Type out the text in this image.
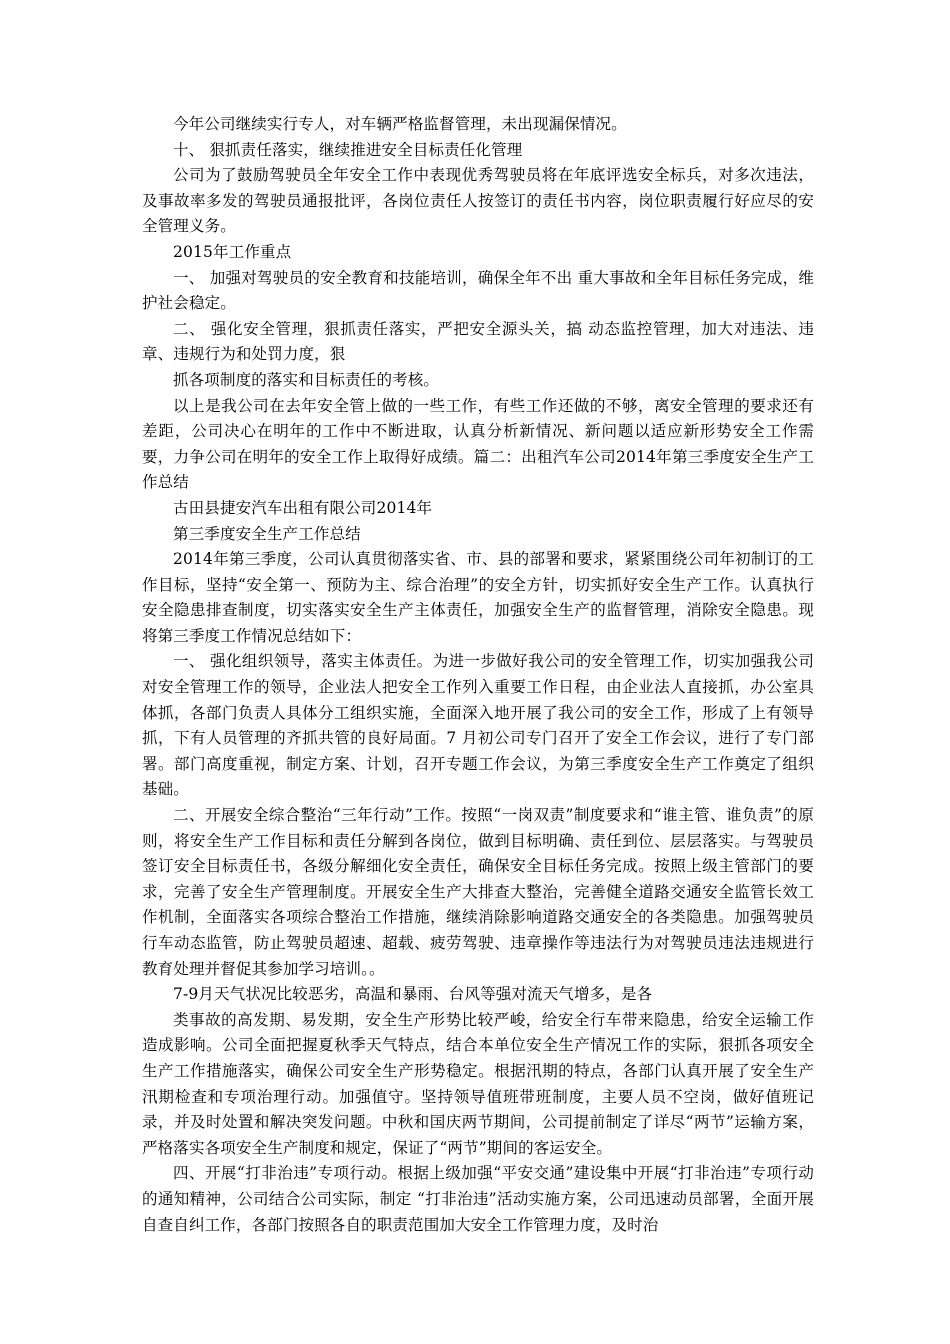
今年公司继续实行专人，对车辆严格监督管理，未出现漏保情况。

十、 狠抓责任落实，继续推进安全目标责任化管理

公司为了鼓励驾驶员全年安全工作中表现优秀驾驶员将在年底评选安全标兵，对多次违法，及事故率多发的驾驶员通报批评，各岗位责任人按签订的责任书内容，岗位职责履行好应尽的安全管理义务。

2015年工作重点

一、 加强对驾驶员的安全教育和技能培训，确保全年不出 重大事故和全年目标任务完成，维护社会稳定。

二、 强化安全管理，狠抓责任落实，严把安全源头关，搞 动态监控管理，加大对违法、违章、违规行为和处罚力度，狠

抓各项制度的落实和目标责任的考核。

以上是我公司在去年安全管上做的一些工作，有些工作还做的不够，离安全管理的要求还有差距，公司决心在明年的工作中不断进取，认真分析新情况、新问题以适应新形势安全工作需要，力争公司在明年的安全工作上取得好成绩。篇二：出租汽车公司2014年第三季度安全生产工作总结

古田县捷安汽车出租有限公司2014年

第三季度安全生产工作总结

2014年第三季度，公司认真贯彻落实省、市、县的部署和要求，紧紧围绕公司年初制订的工作目标，坚持“安全第一、预防为主、综合治理”的安全方针，切实抓好安全生产工作。认真执行安全隐患排查制度，切实落实安全生产主体责任，加强安全生产的监督管理，消除安全隐患。现将第三季度工作情况总结如下：

一、 强化组织领导，落实主体责任。为进一步做好我公司的安全管理工作，切实加强我公司对安全管理工作的领导，企业法人把安全工作列入重要工作日程，由企业法人直接抓，办公室具体抓，各部门负责人具体分工组织实施，全面深入地开展了我公司的安全工作，形成了上有领导抓，下有人员管理的齐抓共管的良好局面。7 月初公司专门召开了安全工作会议，进行了专门部署。部门高度重视，制定方案、计划，召开专题工作会议，为第三季度安全生产工作奠定了组织基础。

二、开展安全综合整治“三年行动”工作。按照“一岗双责”制度要求和“谁主管、谁负责”的原则，将安全生产工作目标和责任分解到各岗位，做到目标明确、责任到位、层层落实。与驾驶员签订安全目标责任书，各级分解细化安全责任，确保安全目标任务完成。按照上级主管部门的要求，完善了安全生产管理制度。开展安全生产大排查大整治，完善健全道路交通安全监管长效工作机制，全面落实各项综合整治工作措施，继续消除影响道路交通安全的各类隐患。加强驾驶员行车动态监管，防止驾驶员超速、超载、疲劳驾驶、违章操作等违法行为对驾驶员违法违规进行教育处理并督促其参加学习培训。。

7-9月天气状况比较恶劣，高温和暴雨、台风等强对流天气增多，是各

类事故的高发期、易发期，安全生产形势比较严峻，给安全行车带来隐患，给安全运输工作造成影响。公司全面把握夏秋季天气特点，结合本单位安全生产情况工作的实际，狠抓各项安全生产工作措施落实，确保公司安全生产形势稳定。根据汛期的特点，各部门认真开展了安全生产汛期检查和专项治理行动。加强值守。坚持领导值班带班制度，主要人员不空岗，做好值班记录，并及时处置和解决突发问题。中秋和国庆两节期间，公司提前制定了详尽“两节”运输方案，严格落实各项安全生产制度和规定，保证了“两节”期间的客运安全。

四、开展“打非治违”专项行动。根据上级加强“平安交通”建设集中开展“打非治违”专项行动的通知精神，公司结合公司实际，制定 “打非治违”活动实施方案，公司迅速动员部署，全面开展自查自纠工作，各部门按照各自的职责范围加大安全工作管理力度，及时治
